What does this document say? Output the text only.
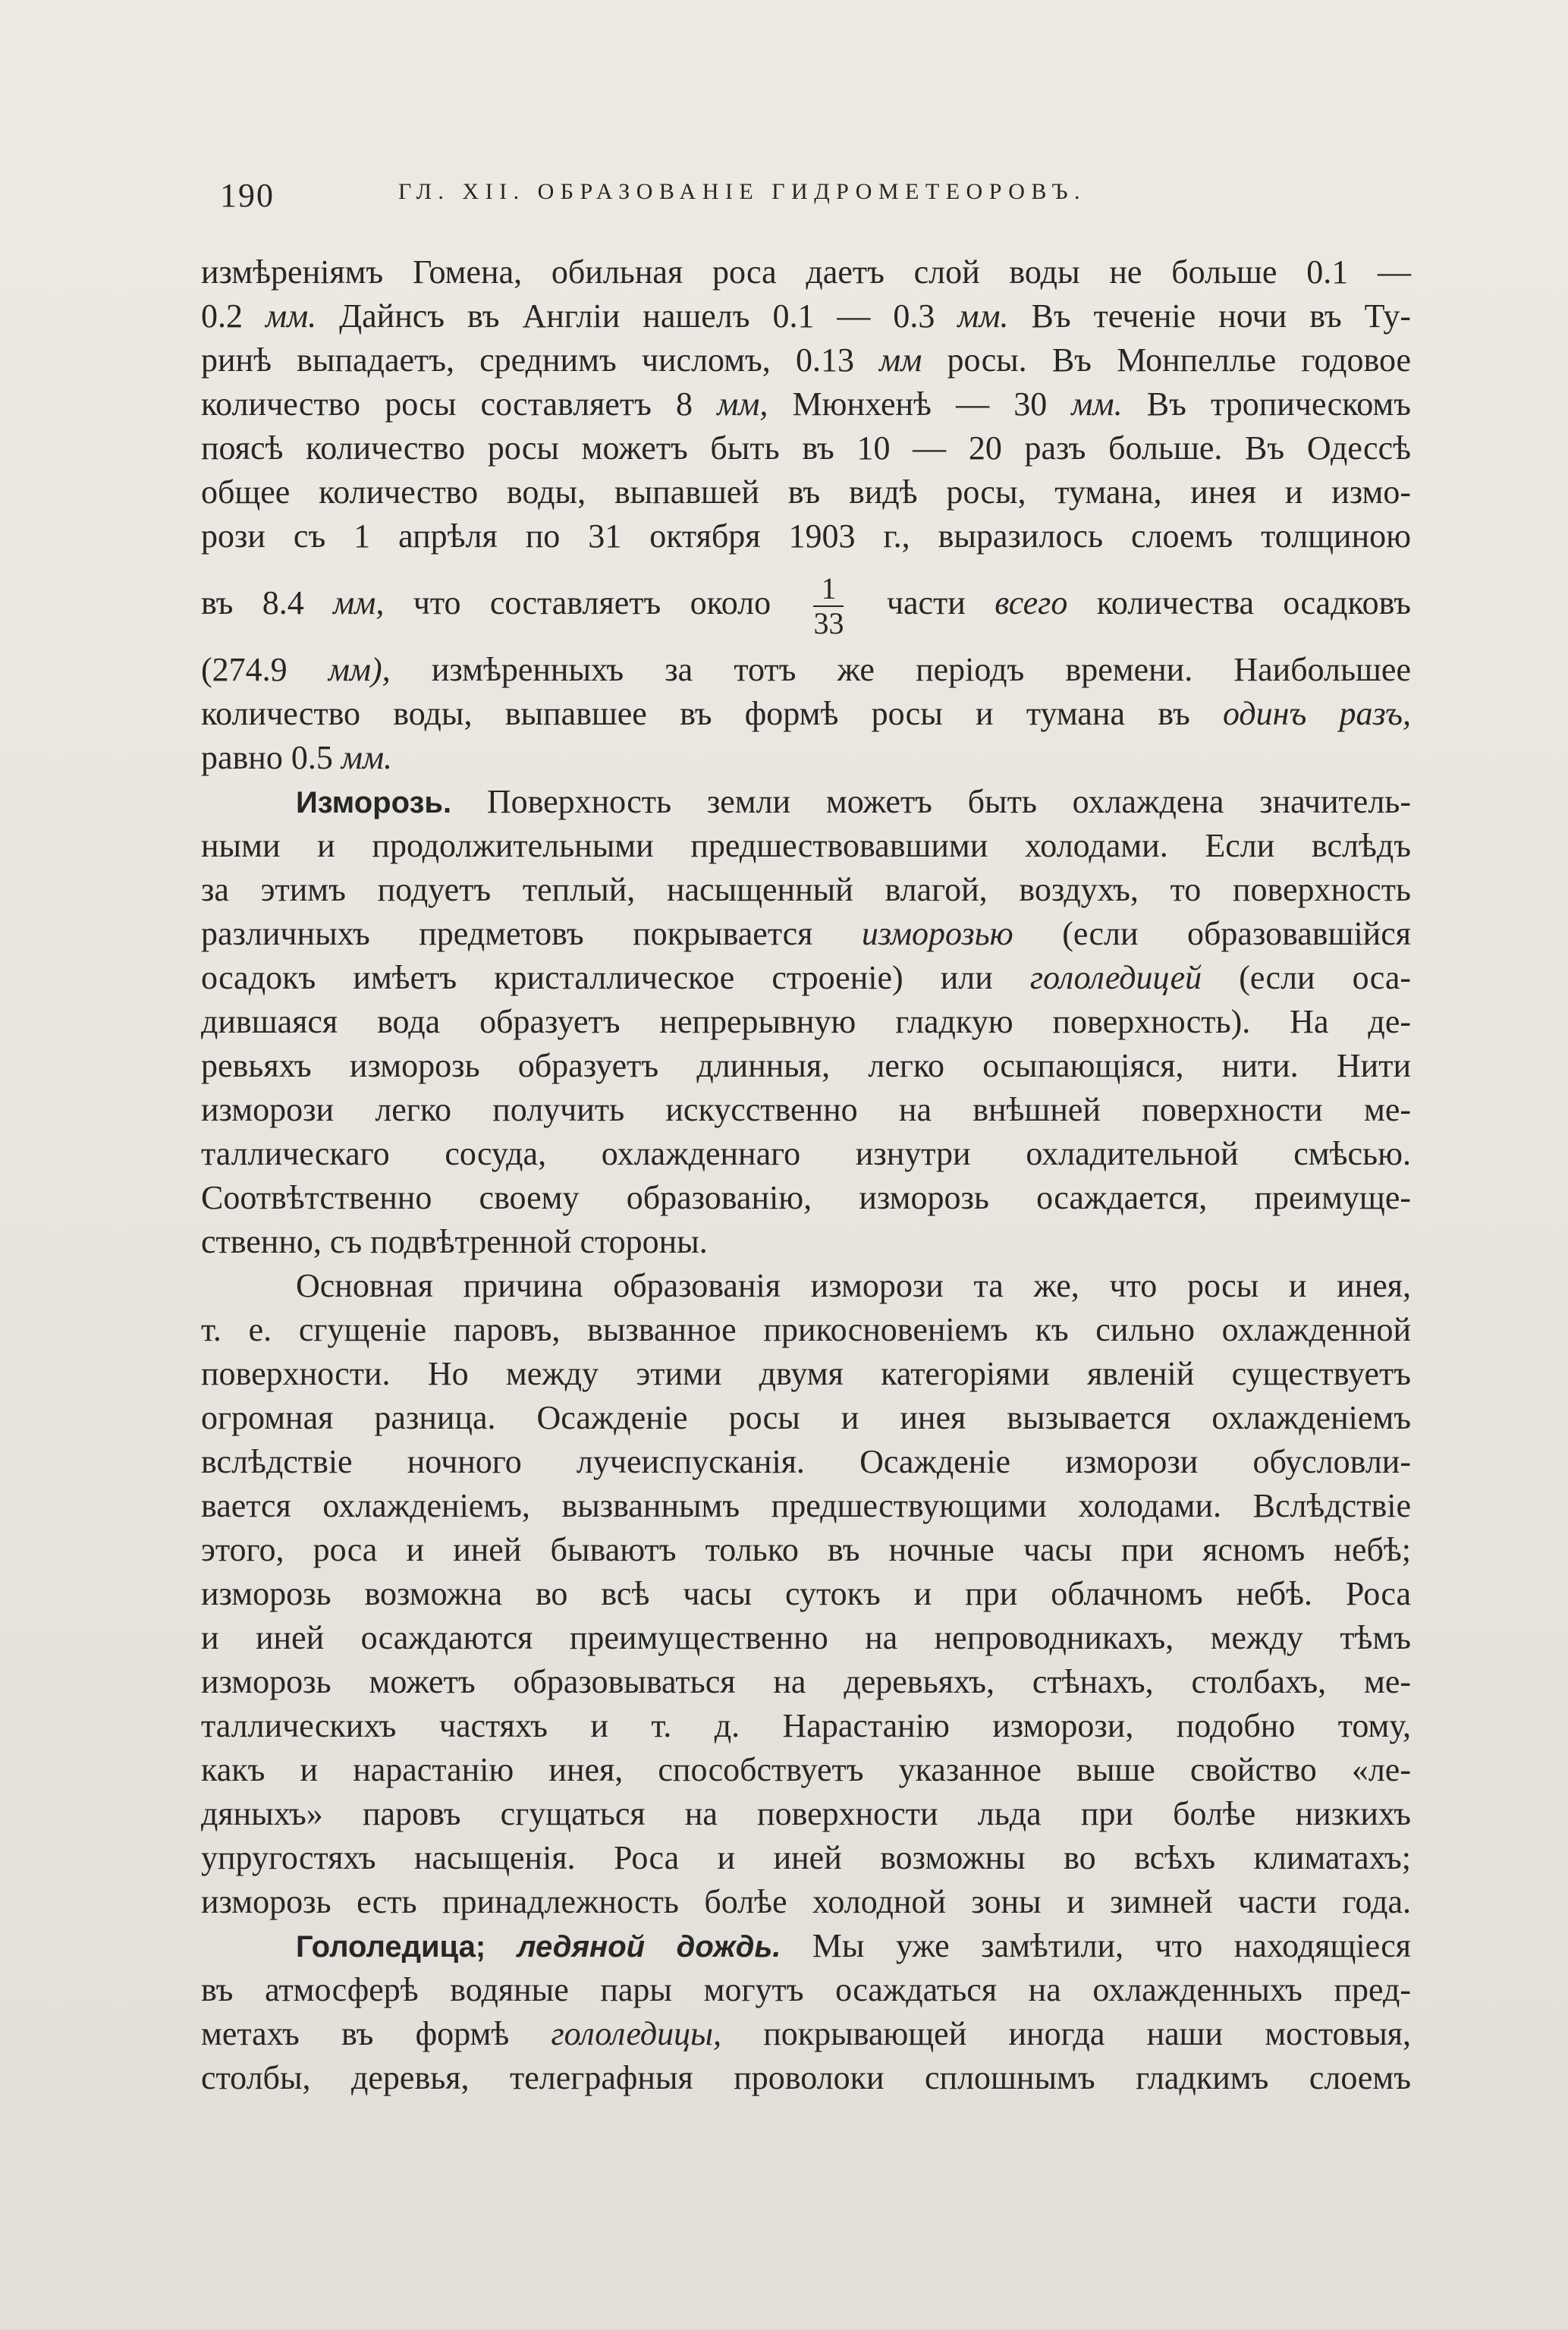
190	ГЛ. XII. ОБРАЗОВАНІЕ ГИДРОМЕТЕОРОВЪ.
измѣреніямъ Гомена, обильная роса даетъ слой воды не больше 0.1 —
0.2 мм. Дайнсъ въ Англіи нашелъ 0.1 — 0.3 мм. Въ теченіе ночи въ Ту-
ринѣ выпадаетъ, среднимъ числомъ, 0.13 мм росы. Въ Монпеллье годовое
количество росы составляетъ 8 мм, Мюнхенѣ — 30 мм. Въ тропическомъ
поясѣ количество росы можетъ быть въ 10 — 20 разъ больше. Въ Одессѣ
общее количество воды, выпавшей въ видѣ росы, тумана, инея и измо-
рози съ 1 апрѣля по 31 октября 1903 г., выразилось слоемъ толщиною
въ 8.4 мм, что составляетъ около $\frac{1}{33}$ части всего количества осадковъ
(274.9 мм), измѣренныхъ за тотъ же періодъ времени. Наибольшее
количество воды, выпавшее въ формѣ росы и тумана въ одинъ разъ,
равно 0.5 мм.
Изморозь. Поверхность земли можетъ быть охлаждена значитель-
ными и продолжительными предшествовавшими холодами. Если вслѣдъ
за этимъ подуетъ теплый, насыщенный влагой, воздухъ, то поверхность
различныхъ предметовъ покрывается изморозью (если образовавшійся
осадокъ имѣетъ кристаллическое строеніе) или гололедицей (если оса-
дившаяся вода образуетъ непрерывную гладкую поверхность). На де-
ревьяхъ изморозь образуетъ длинныя, легко осыпающіяся, нити. Нити
изморози легко получить искусственно на внѣшней поверхности ме-
таллическаго сосуда, охлажденнаго изнутри охладительной смѣсью.
Соотвѣтственно своему образованію, изморозь осаждается, преимуще-
ственно, съ подвѣтренной стороны.
Основная причина образованія изморози та же, что росы и инея,
т. е. сгущеніе паровъ, вызванное прикосновеніемъ къ сильно охлажденной
поверхности. Но между этими двумя категоріями явленій существуетъ
огромная разница. Осажденіе росы и инея вызывается охлажденіемъ
вслѣдствіе ночного лучеиспусканія. Осажденіе изморози обусловли-
вается охлажденіемъ, вызваннымъ предшествующими холодами. Вслѣдствіе
этого, роса и иней бываютъ только въ ночные часы при ясномъ небѣ;
изморозь возможна во всѣ часы сутокъ и при облачномъ небѣ. Роса
и иней осаждаются преимущественно на непроводникахъ, между тѣмъ
изморозь можетъ образовываться на деревьяхъ, стѣнахъ, столбахъ, ме-
таллическихъ частяхъ и т. д. Нарастанію изморози, подобно тому,
какъ и нарастанію инея, способствуетъ указанное выше свойство «ле-
дяныхъ» паровъ сгущаться на поверхности льда при болѣе низкихъ
упругостяхъ насыщенія. Роса и иней возможны во всѣхъ климатахъ;
изморозь есть принадлежность болѣе холодной зоны и зимней части года.
Гололедица; ледяной дождь. Мы уже замѣтили, что находящіеся
въ атмосферѣ водяные пары могутъ осаждаться на охлажденныхъ пред-
метахъ въ формѣ гололедицы, покрывающей иногда наши мостовыя,
столбы, деревья, телеграфныя проволоки сплошнымъ гладкимъ слоемъ
